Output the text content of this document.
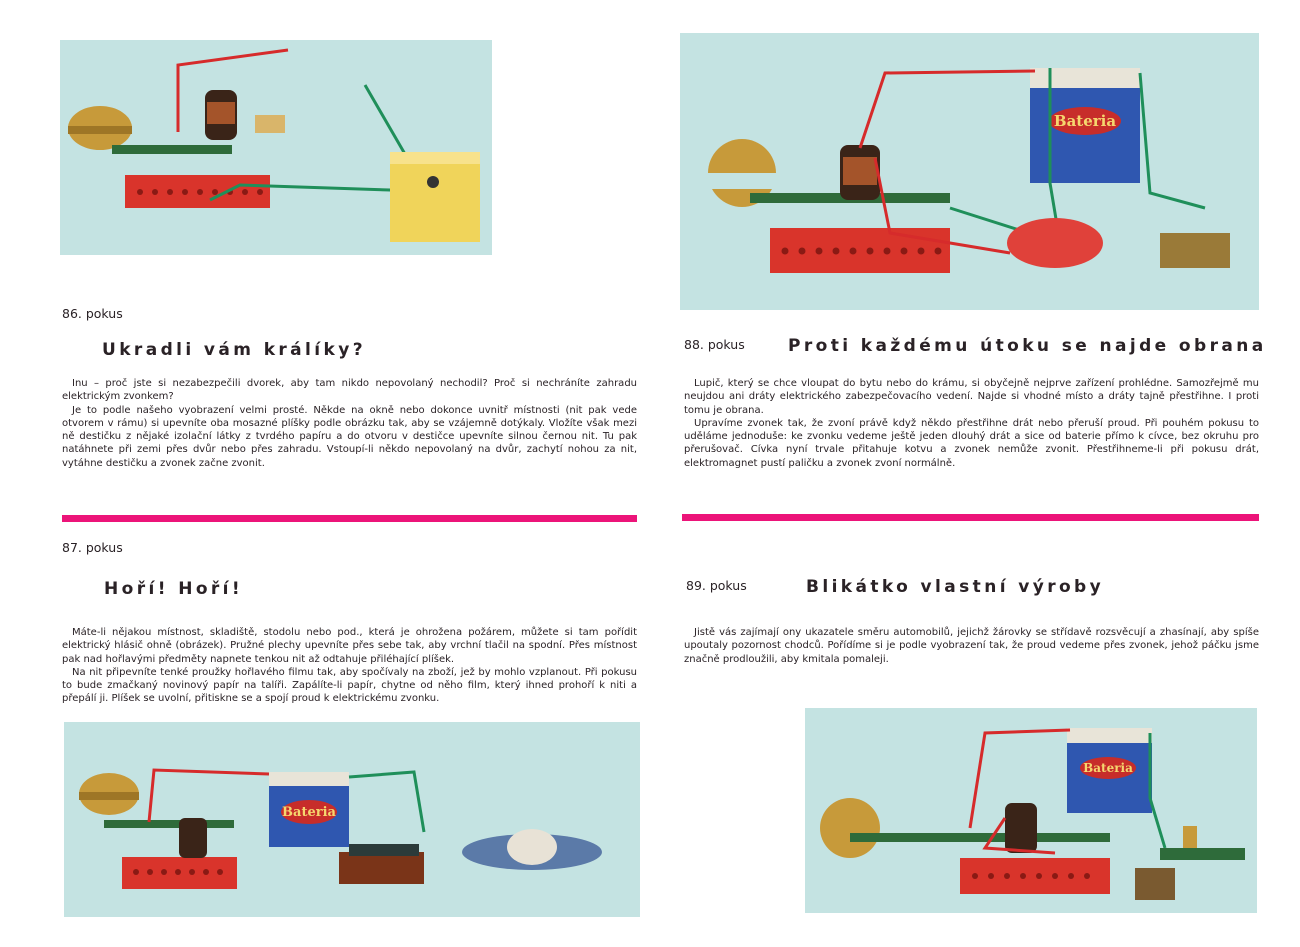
86. pokus
Ukradli vám králíky?

Inu – proč jste si nezabezpečili dvorek, aby tam nikdo nepovolaný nechodil? Proč si nechráníte zahradu elektrickým zvonkem?

Je to podle našeho vyobrazení velmi prosté. Někde na okně nebo dokonce uvnitř místnosti (nit pak vede otvorem v rámu) si upevníte oba mosazné plíšky podle obrázku tak, aby se vzájemně dotýkaly. Vložíte však mezi ně destičku z nějaké izolační látky z tvrdého papíru a do otvoru v destičce upevníte silnou černou nit. Tu pak natáhnete při zemi přes dvůr nebo přes zahradu. Vstoupí-li někdo nepovolaný na dvůr, zachytí nohou za nit, vytáhne destičku a zvonek začne zvonit.

87. pokus
Hoří! Hoří!

Máte-li nějakou místnost, skladiště, stodolu nebo pod., která je ohrožena požárem, můžete si tam pořídit elektrický hlásič ohně (obrázek). Pružné plechy upevníte přes sebe tak, aby vrchní tlačil na spodní. Přes místnost pak nad hořlavými předměty napnete tenkou nit až odtahuje přiléhající plíšek.

Na nit připevníte tenké proužky hořlavého filmu tak, aby spočívaly na zboží, jež by mohlo vzplanout. Při pokusu to bude zmačkaný novinový papír na talíři. Zapálíte-li papír, chytne od něho film, který ihned prohoří k niti a přepálí ji. Plíšek se uvolní, přitiskne se a spojí proud k elektrickému zvonku.

Bateria
Bateria
88. pokus	Proti každému útoku se najde obrana

Lupič, který se chce vloupat do bytu nebo do krámu, si obyčejně nejprve zařízení prohlédne. Samozřejmě mu neujdou ani dráty elektrického zabezpečovacího vedení. Najde si vhodné místo a dráty tajně přestřihne. I proti tomu je obrana.

Upravíme zvonek tak, že zvoní právě když někdo přestřihne drát nebo přeruší proud. Při pouhém pokusu to uděláme jednoduše: ke zvonku vedeme ještě jeden dlouhý drát a sice od baterie přímo k cívce, bez okruhu pro přerušovač. Cívka nyní trvale přitahuje kotvu a zvonek nemůže zvonit. Přestřihneme-li při pokusu drát, elektromagnet pustí paličku a zvonek zvoní normálně.

89. pokus	Blikátko vlastní výroby

Jistě vás zajímají ony ukazatele směru automobilů, jejichž žárovky se střídavě rozsvěcují a zhasínají, aby spíše upoutaly pozornost chodců. Pořídíme si je podle vyobrazení tak, že proud vedeme přes zvonek, jehož páčku jsme značně prodloužili, aby kmitala pomaleji.

Bateria
